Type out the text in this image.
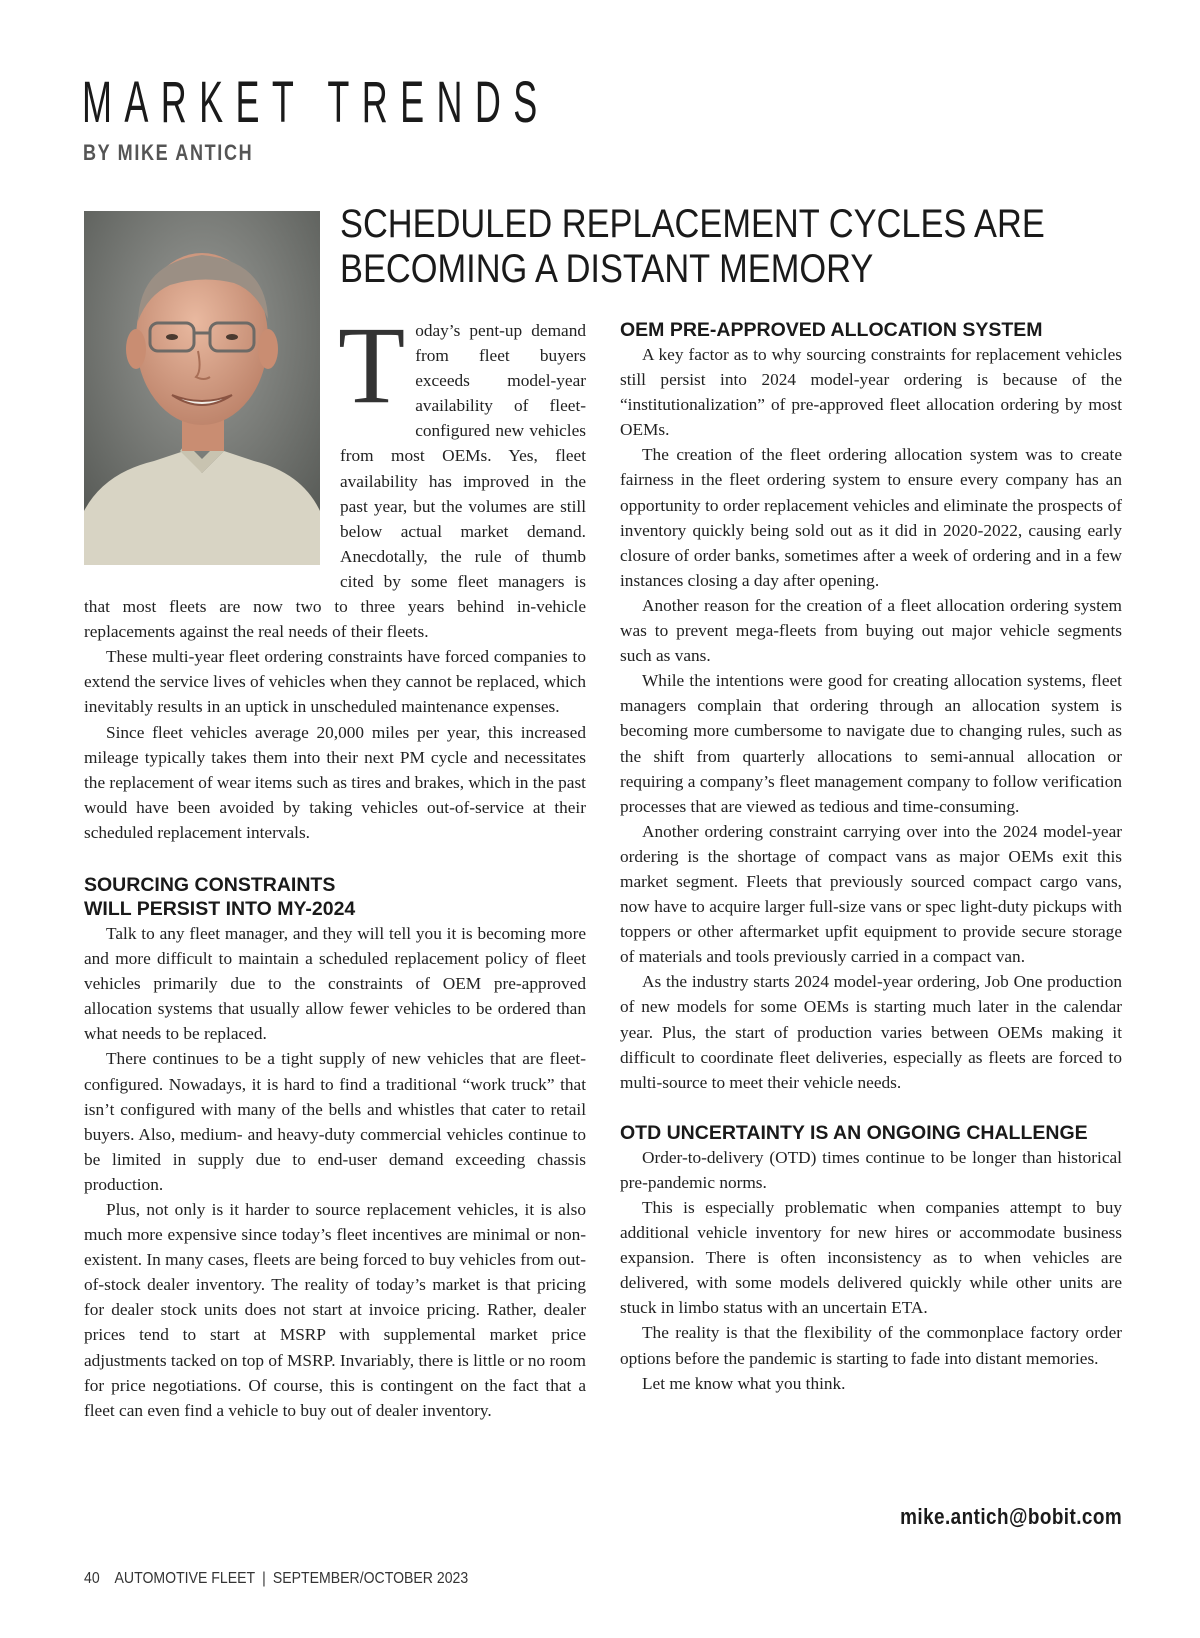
MARKET TRENDS
BY MIKE ANTICH
SCHEDULED REPLACEMENT CYCLES ARE
BECOMING A DISTANT MEMORY

Today’s pent-up demand from fleet buyers exceeds model-year availability of fleet-configured new vehicles from most OEMs. Yes, fleet availability has improved in the past year, but the volumes are still below actual market demand. Anecdotally, the rule of thumb cited by some fleet managers is that most fleets are now two to three years behind in-vehicle replacements against the real needs of their fleets.

These multi-year fleet ordering constraints have forced companies to extend the service lives of vehicles when they cannot be replaced, which inevitably results in an uptick in unscheduled maintenance expenses.

Since fleet vehicles average 20,000 miles per year, this increased mileage typically takes them into their next PM cycle and necessitates the replacement of wear items such as tires and brakes, which in the past would have been avoided by taking vehicles out-of-service at their scheduled replacement intervals.

SOURCING CONSTRAINTS
WILL PERSIST INTO MY-2024

Talk to any fleet manager, and they will tell you it is becoming more and more difficult to maintain a scheduled replacement policy of fleet vehicles primarily due to the constraints of OEM pre-approved allocation systems that usually allow fewer vehicles to be ordered than what needs to be replaced.

There continues to be a tight supply of new vehicles that are fleet-configured. Nowadays, it is hard to find a traditional “work truck” that isn’t configured with many of the bells and whistles that cater to retail buyers. Also, medium- and heavy-duty commercial vehicles continue to be limited in supply due to end-user demand exceeding chassis production.

Plus, not only is it harder to source replacement vehicles, it is also much more expensive since today’s fleet incentives are minimal or non-existent. In many cases, fleets are being forced to buy vehicles from out-of-stock dealer inventory. The reality of today’s market is that pricing for dealer stock units does not start at invoice pricing. Rather, dealer prices tend to start at MSRP with supplemental market price adjustments tacked on top of MSRP. Invariably, there is little or no room for price negotiations. Of course, this is contingent on the fact that a fleet can even find a vehicle to buy out of dealer inventory.

OEM PRE-APPROVED ALLOCATION SYSTEM

A key factor as to why sourcing constraints for replacement vehicles still persist into 2024 model-year ordering is because of the “institutionalization” of pre-approved fleet allocation ordering by most OEMs.

The creation of the fleet ordering allocation system was to create fairness in the fleet ordering system to ensure every company has an opportunity to order replacement vehicles and eliminate the prospects of inventory quickly being sold out as it did in 2020-2022, causing early closure of order banks, sometimes after a week of ordering and in a few instances closing a day after opening.

Another reason for the creation of a fleet allocation ordering system was to prevent mega-fleets from buying out major vehicle segments such as vans.

While the intentions were good for creating allocation systems, fleet managers complain that ordering through an allocation system is becoming more cumbersome to navigate due to changing rules, such as the shift from quarterly allocations to semi-annual allocation or requiring a company’s fleet management company to follow verification processes that are viewed as tedious and time-consuming.

Another ordering constraint carrying over into the 2024 model-year ordering is the shortage of compact vans as major OEMs exit this market segment. Fleets that previously sourced compact cargo vans, now have to acquire larger full-size vans or spec light-duty pickups with toppers or other aftermarket upfit equipment to provide secure storage of materials and tools previously carried in a compact van.

As the industry starts 2024 model-year ordering, Job One production of new models for some OEMs is starting much later in the calendar year. Plus, the start of production varies between OEMs making it difficult to coordinate fleet deliveries, especially as fleets are forced to multi-source to meet their vehicle needs.

OTD UNCERTAINTY IS AN ONGOING CHALLENGE

Order-to-delivery (OTD) times continue to be longer than historical pre-pandemic norms.

This is especially problematic when companies attempt to buy additional vehicle inventory for new hires or accommodate business expansion. There is often inconsistency as to when vehicles are delivered, with some models delivered quickly while other units are stuck in limbo status with an uncertain ETA.

The reality is that the flexibility of the commonplace factory order options before the pandemic is starting to fade into distant memories.

Let me know what you think.

mike.antich@bobit.com
40 AUTOMOTIVE FLEET | SEPTEMBER/OCTOBER 2023
